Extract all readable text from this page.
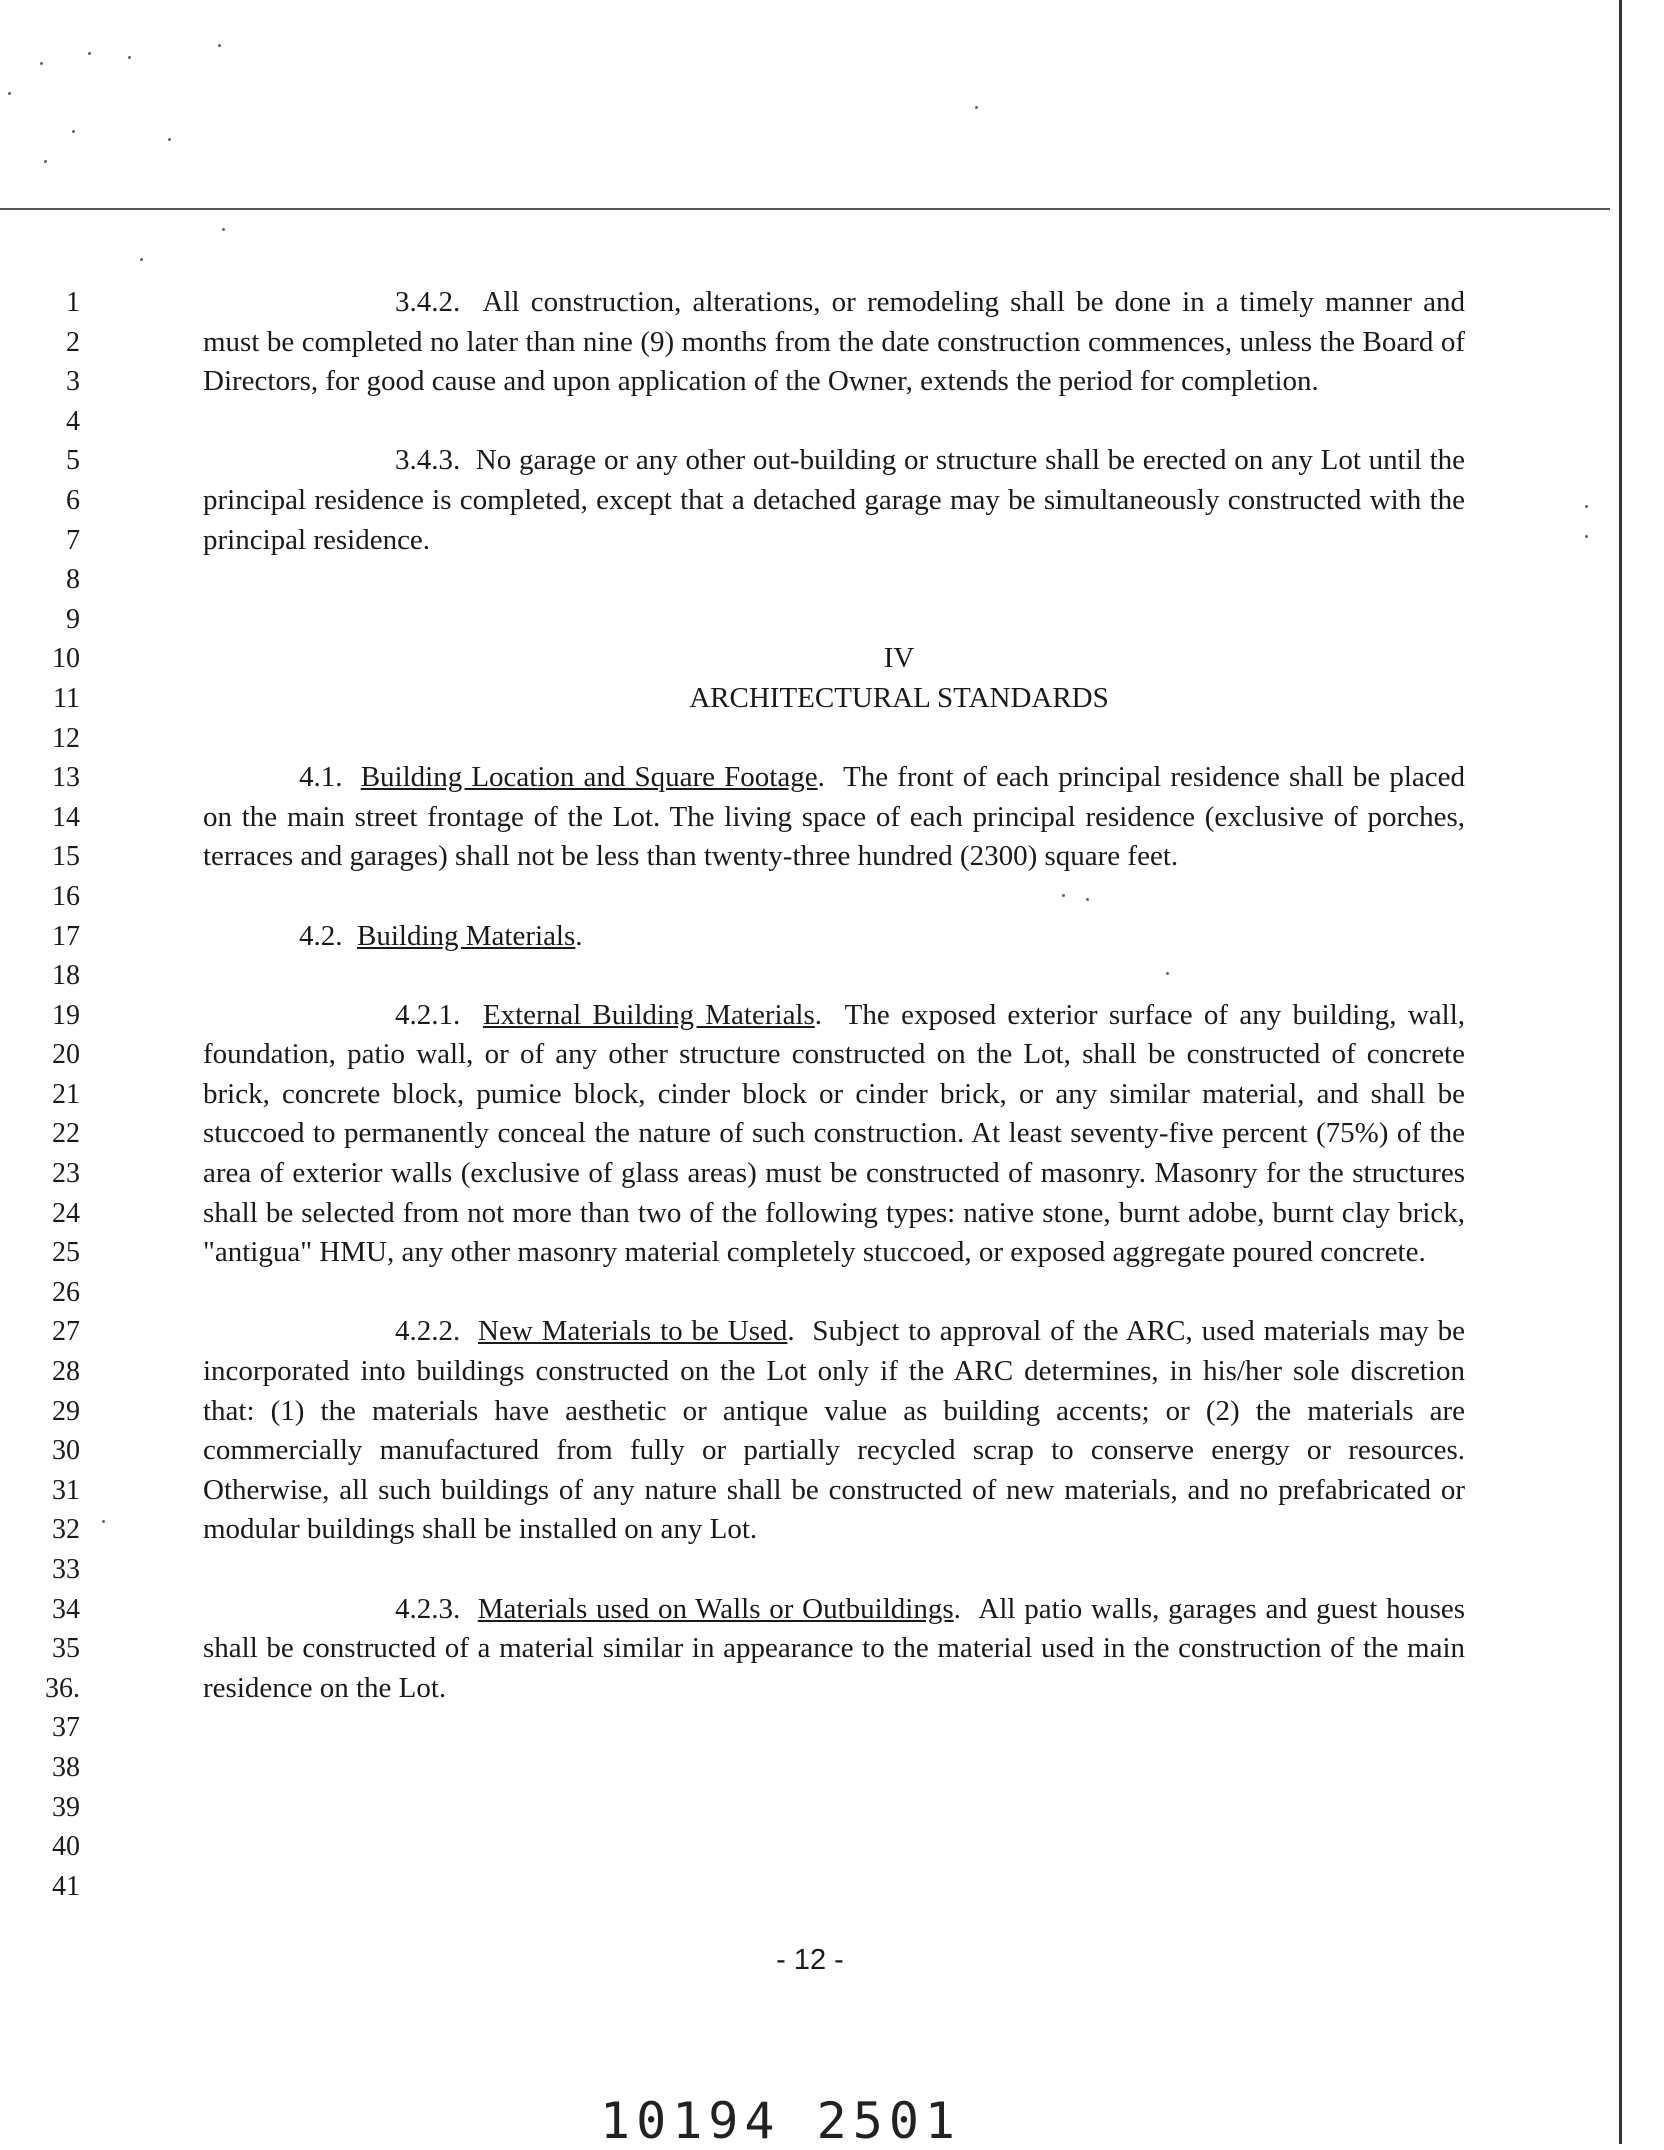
1
2
3
4
5
6
7
8
9
10
11
12
13
14
15
16
17
18
19
20
21
22
23
24
25
26
27
28
29
30
31
32
33
34
35
36.
37
38
39
40
41

3.4.2. All construction, alterations, or remodeling shall be done in a timely manner and must be completed no later than nine (9) months from the date construction commences, unless the Board of Directors, for good cause and upon application of the Owner, extends the period for completion.

3.4.3. No garage or any other out-building or structure shall be erected on any Lot until the principal residence is completed, except that a detached garage may be simultaneously constructed with the principal residence.

IV

ARCHITECTURAL STANDARDS

4.1. Building Location and Square Footage.  The front of each principal residence shall be placed on the main street frontage of the Lot. The living space of each principal residence (exclusive of porches, terraces and garages) shall not be less than twenty-three hundred (2300) square feet.

4.2. Building Materials.

4.2.1. External Building Materials.  The exposed exterior surface of any building, wall, foundation, patio wall, or of any other structure constructed on the Lot, shall be constructed of concrete brick, concrete block, pumice block, cinder block or cinder brick, or any similar material, and shall be stuccoed to permanently conceal the nature of such construction. At least seventy-five percent (75%) of the area of exterior walls (exclusive of glass areas) must be constructed of masonry. Masonry for the structures shall be selected from not more than two of the following types: native stone, burnt adobe, burnt clay brick, "antigua" HMU, any other masonry material completely stuccoed, or exposed aggregate poured concrete.

4.2.2. New Materials to be Used.  Subject to approval of the ARC, used materials may be incorporated into buildings constructed on the Lot only if the ARC determines, in his/her sole discretion that: (1) the materials have aesthetic or antique value as building accents; or (2) the materials are commercially manufactured from fully or partially recycled scrap to conserve energy or resources. Otherwise, all such buildings of any nature shall be constructed of new materials, and no prefabricated or modular buildings shall be installed on any Lot.

4.2.3. Materials used on Walls or Outbuildings.  All patio walls, garages and guest houses shall be constructed of a material similar in appearance to the material used in the construction of the main residence on the Lot.

- 12 -
10194 2501
